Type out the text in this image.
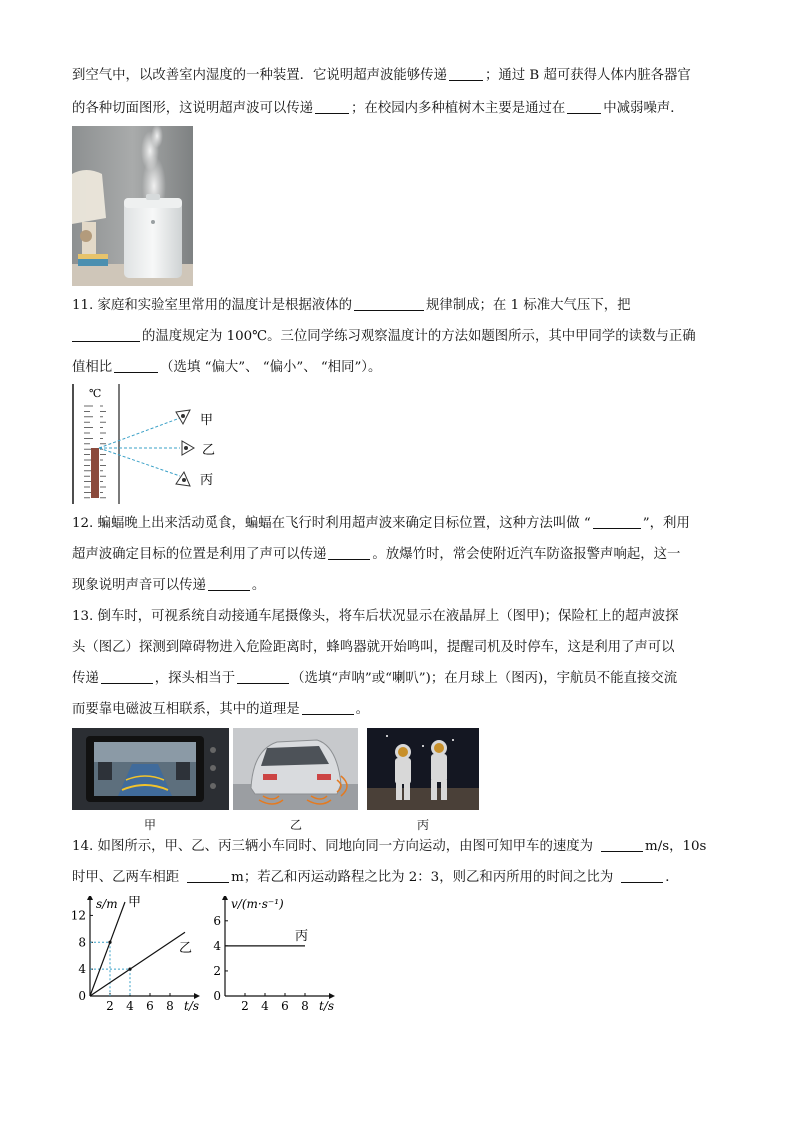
到空气中，以改善室内湿度的一种装置．它说明超声波能够传递	；通过 B 超可获得人体内脏各器官
的各种切面图形，这说明超声波可以传递	；在校园内多种植树木主要是通过在	中减弱噪声．
11. 家庭和实验室里常用的温度计是根据液体的	规律制成；在 1 标准大气压下，把
的温度规定为 100℃。三位同学练习观察温度计的方法如题图所示，其中甲同学的读数与正确
值相比	（选填 “偏大”、 “偏小”、 “相同”）。
℃
甲
乙
丙
12. 蝙蝠晚上出来活动觅食，蝙蝠在飞行时利用超声波来确定目标位置，这种方法叫做 “	”，利用
超声波确定目标的位置是利用了声可以传递	。放爆竹时，常会使附近汽车防盗报警声响起，这一
现象说明声音可以传递	。
13. 倒车时，可视系统自动接通车尾摄像头，将车后状况显示在液晶屏上（图甲)；保险杠上的超声波探
头（图乙）探测到障碍物进入危险距离时，蜂鸣器就开始鸣叫，提醒司机及时停车，这是利用了声可以
传递	，探头相当于	（选填“声呐”或“喇叭”)；在月球上（图丙)，宇航员不能直接交流
而要靠电磁波互相联系，其中的道理是	。
甲	乙	丙
14. 如图所示，甲、乙、丙三辆小车同时、同地向同一方向运动，由图可知甲车的速度为	m/s，10s
时甲、乙两车相距	m；若乙和丙运动路程之比为 2：3，则乙和丙所用的时间之比为	．
0
4
8
12
2 4 6 8 t/s
s/m 甲
乙
0
2
4
6
2 4 6 8 t/s
v/(m·s⁻¹)
丙
